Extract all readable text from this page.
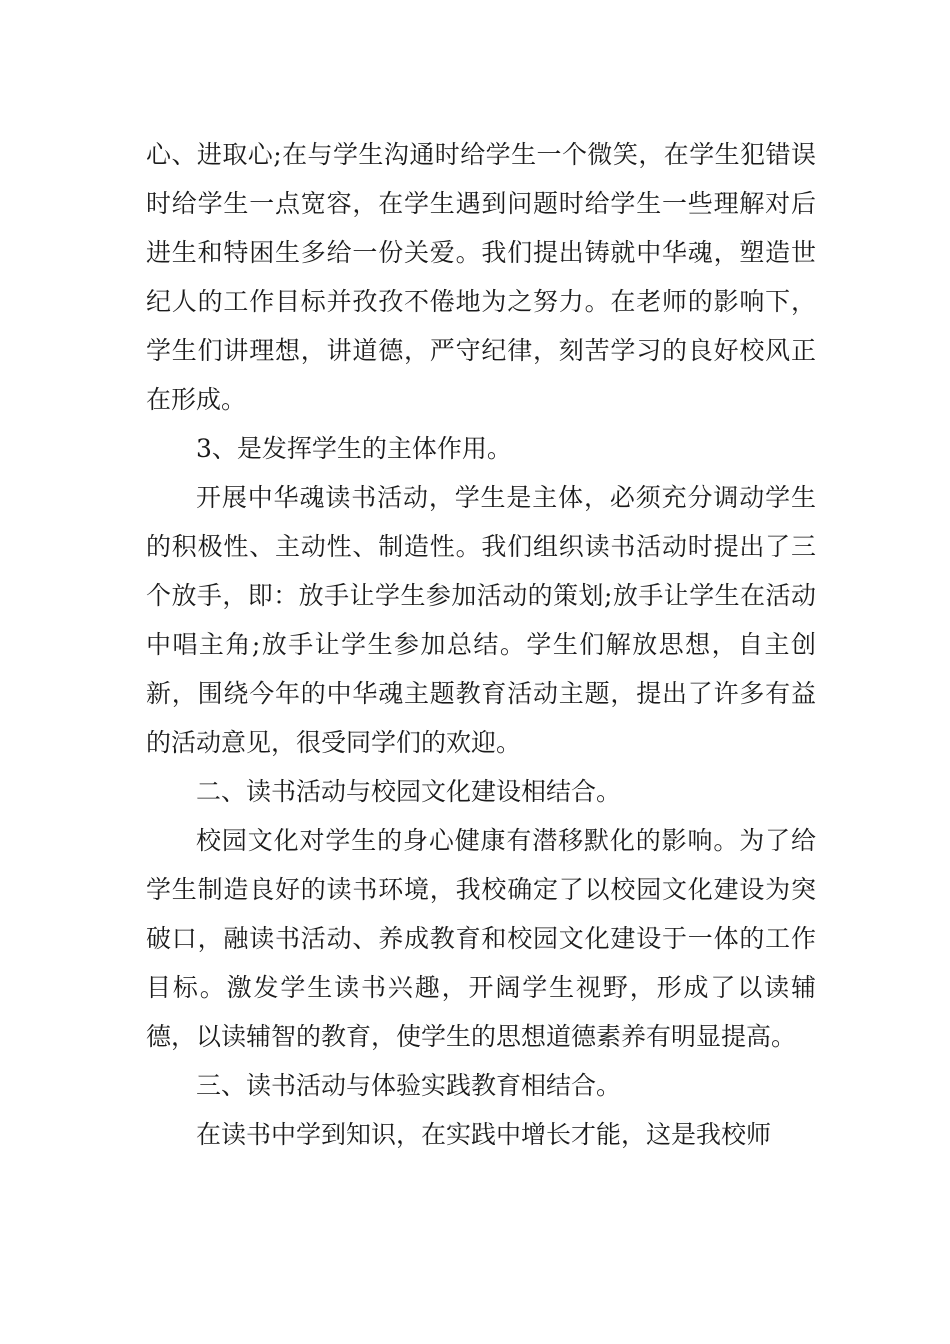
心、进取心;在与学生沟通时给学生一个微笑，在学生犯错误时给学生一点宽容，在学生遇到问题时给学生一些理解对后进生和特困生多给一份关爱。我们提出铸就中华魂，塑造世纪人的工作目标并孜孜不倦地为之努力。在老师的影响下，学生们讲理想，讲道德，严守纪律，刻苦学习的良好校风正在形成。

3、是发挥学生的主体作用。

开展中华魂读书活动，学生是主体，必须充分调动学生的积极性、主动性、制造性。我们组织读书活动时提出了三个放手，即：放手让学生参加活动的策划;放手让学生在活动中唱主角;放手让学生参加总结。学生们解放思想，自主创新，围绕今年的中华魂主题教育活动主题，提出了许多有益的活动意见，很受同学们的欢迎。

二、读书活动与校园文化建设相结合。

校园文化对学生的身心健康有潜移默化的影响。为了给学生制造良好的读书环境，我校确定了以校园文化建设为突破口，融读书活动、养成教育和校园文化建设于一体的工作目标。激发学生读书兴趣，开阔学生视野，形成了以读辅德，以读辅智的教育，使学生的思想道德素养有明显提高。

三、读书活动与体验实践教育相结合。

在读书中学到知识，在实践中增长才能，这是我校师
